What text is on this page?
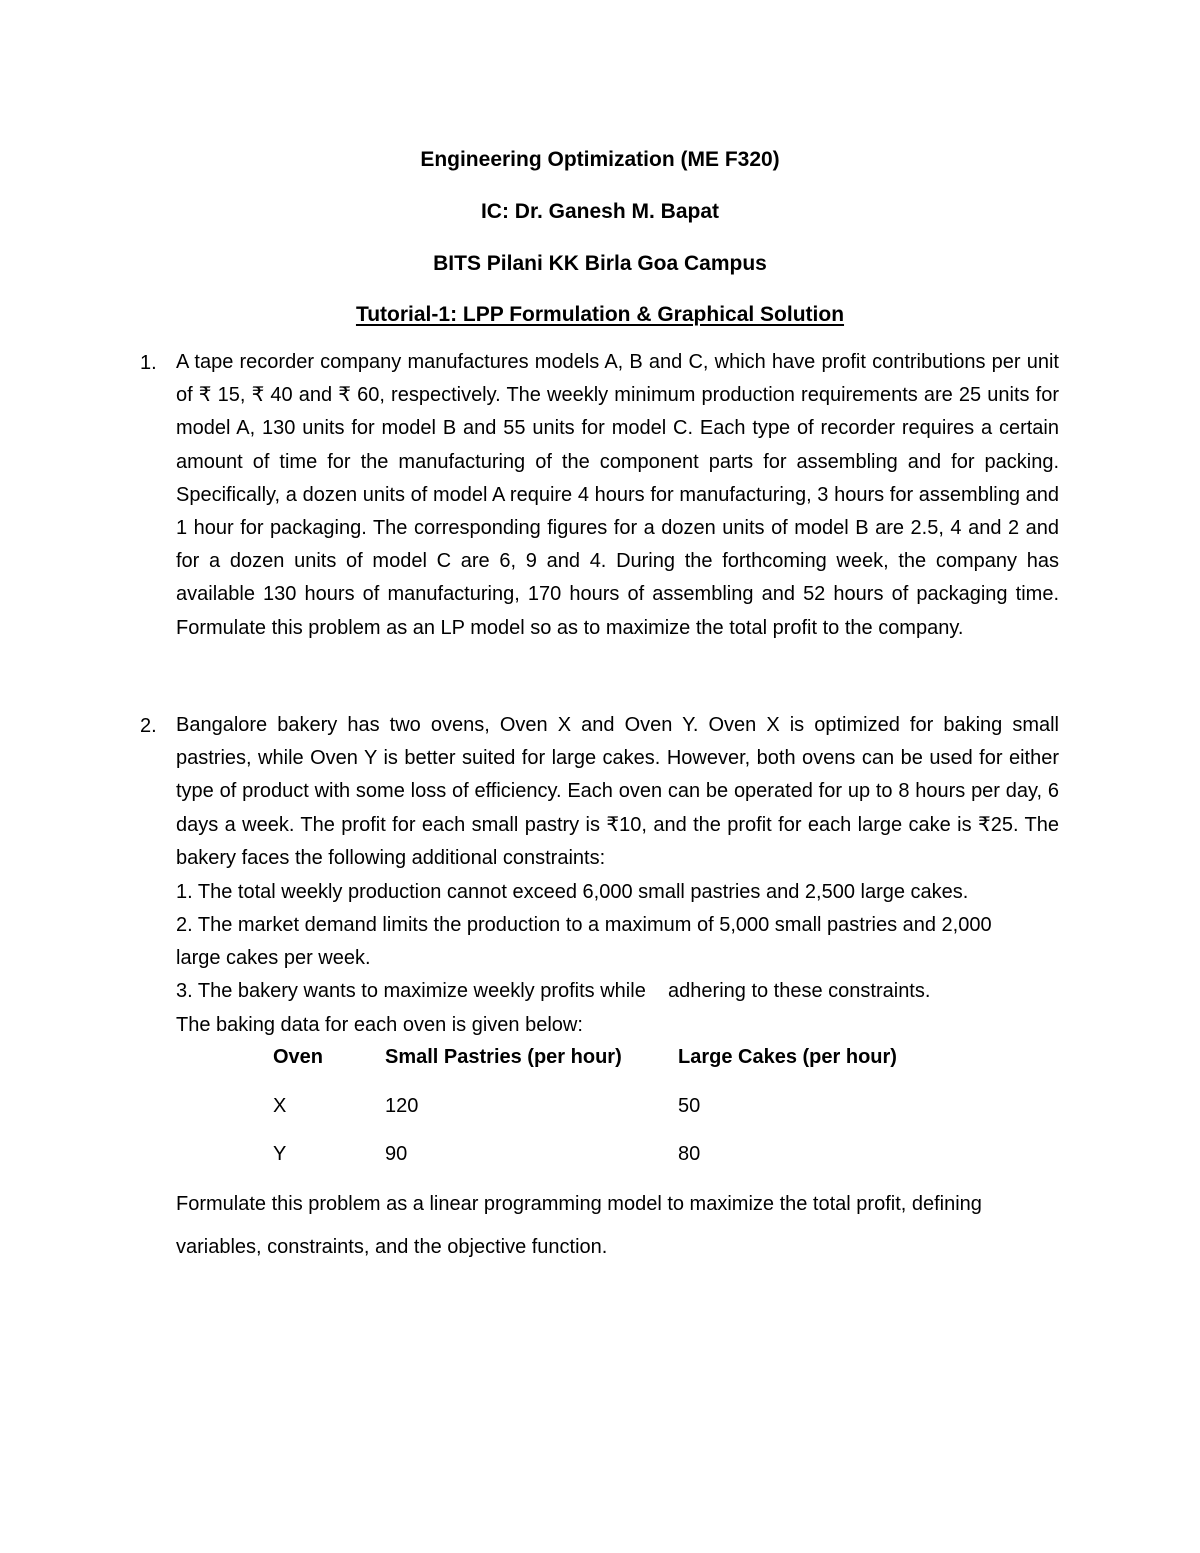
Engineering Optimization (ME F320)
IC: Dr. Ganesh M. Bapat
BITS Pilani KK Birla Goa Campus
Tutorial-1: LPP Formulation & Graphical Solution
1. A tape recorder company manufactures models A, B and C, which have profit contributions per unit of ₹ 15, ₹ 40 and ₹ 60, respectively. The weekly minimum production requirements are 25 units for model A, 130 units for model B and 55 units for model C. Each type of recorder requires a certain amount of time for the manufacturing of the component parts for assembling and for packing. Specifically, a dozen units of model A require 4 hours for manufacturing, 3 hours for assembling and 1 hour for packaging. The corresponding figures for a dozen units of model B are 2.5, 4 and 2 and for a dozen units of model C are 6, 9 and 4. During the forthcoming week, the company has available 130 hours of manufacturing, 170 hours of assembling and 52 hours of packaging time. Formulate this problem as an LP model so as to maximize the total profit to the company.
2. Bangalore bakery has two ovens, Oven X and Oven Y. Oven X is optimized for baking small pastries, while Oven Y is better suited for large cakes. However, both ovens can be used for either type of product with some loss of efficiency. Each oven can be operated for up to 8 hours per day, 6 days a week. The profit for each small pastry is ₹10, and the profit for each large cake is ₹25. The bakery faces the following additional constraints:
1. The total weekly production cannot exceed 6,000 small pastries and 2,500 large cakes.
2. The market demand limits the production to a maximum of 5,000 small pastries and 2,000
large cakes per week.
3. The bakery wants to maximize weekly profits while    adhering to these constraints.
The baking data for each oven is given below:
Oven	Small Pastries (per hour)	Large Cakes (per hour)
X	120	50
Y	90	80
Formulate this problem as a linear programming model to maximize the total profit, defining
variables, constraints, and the objective function.
